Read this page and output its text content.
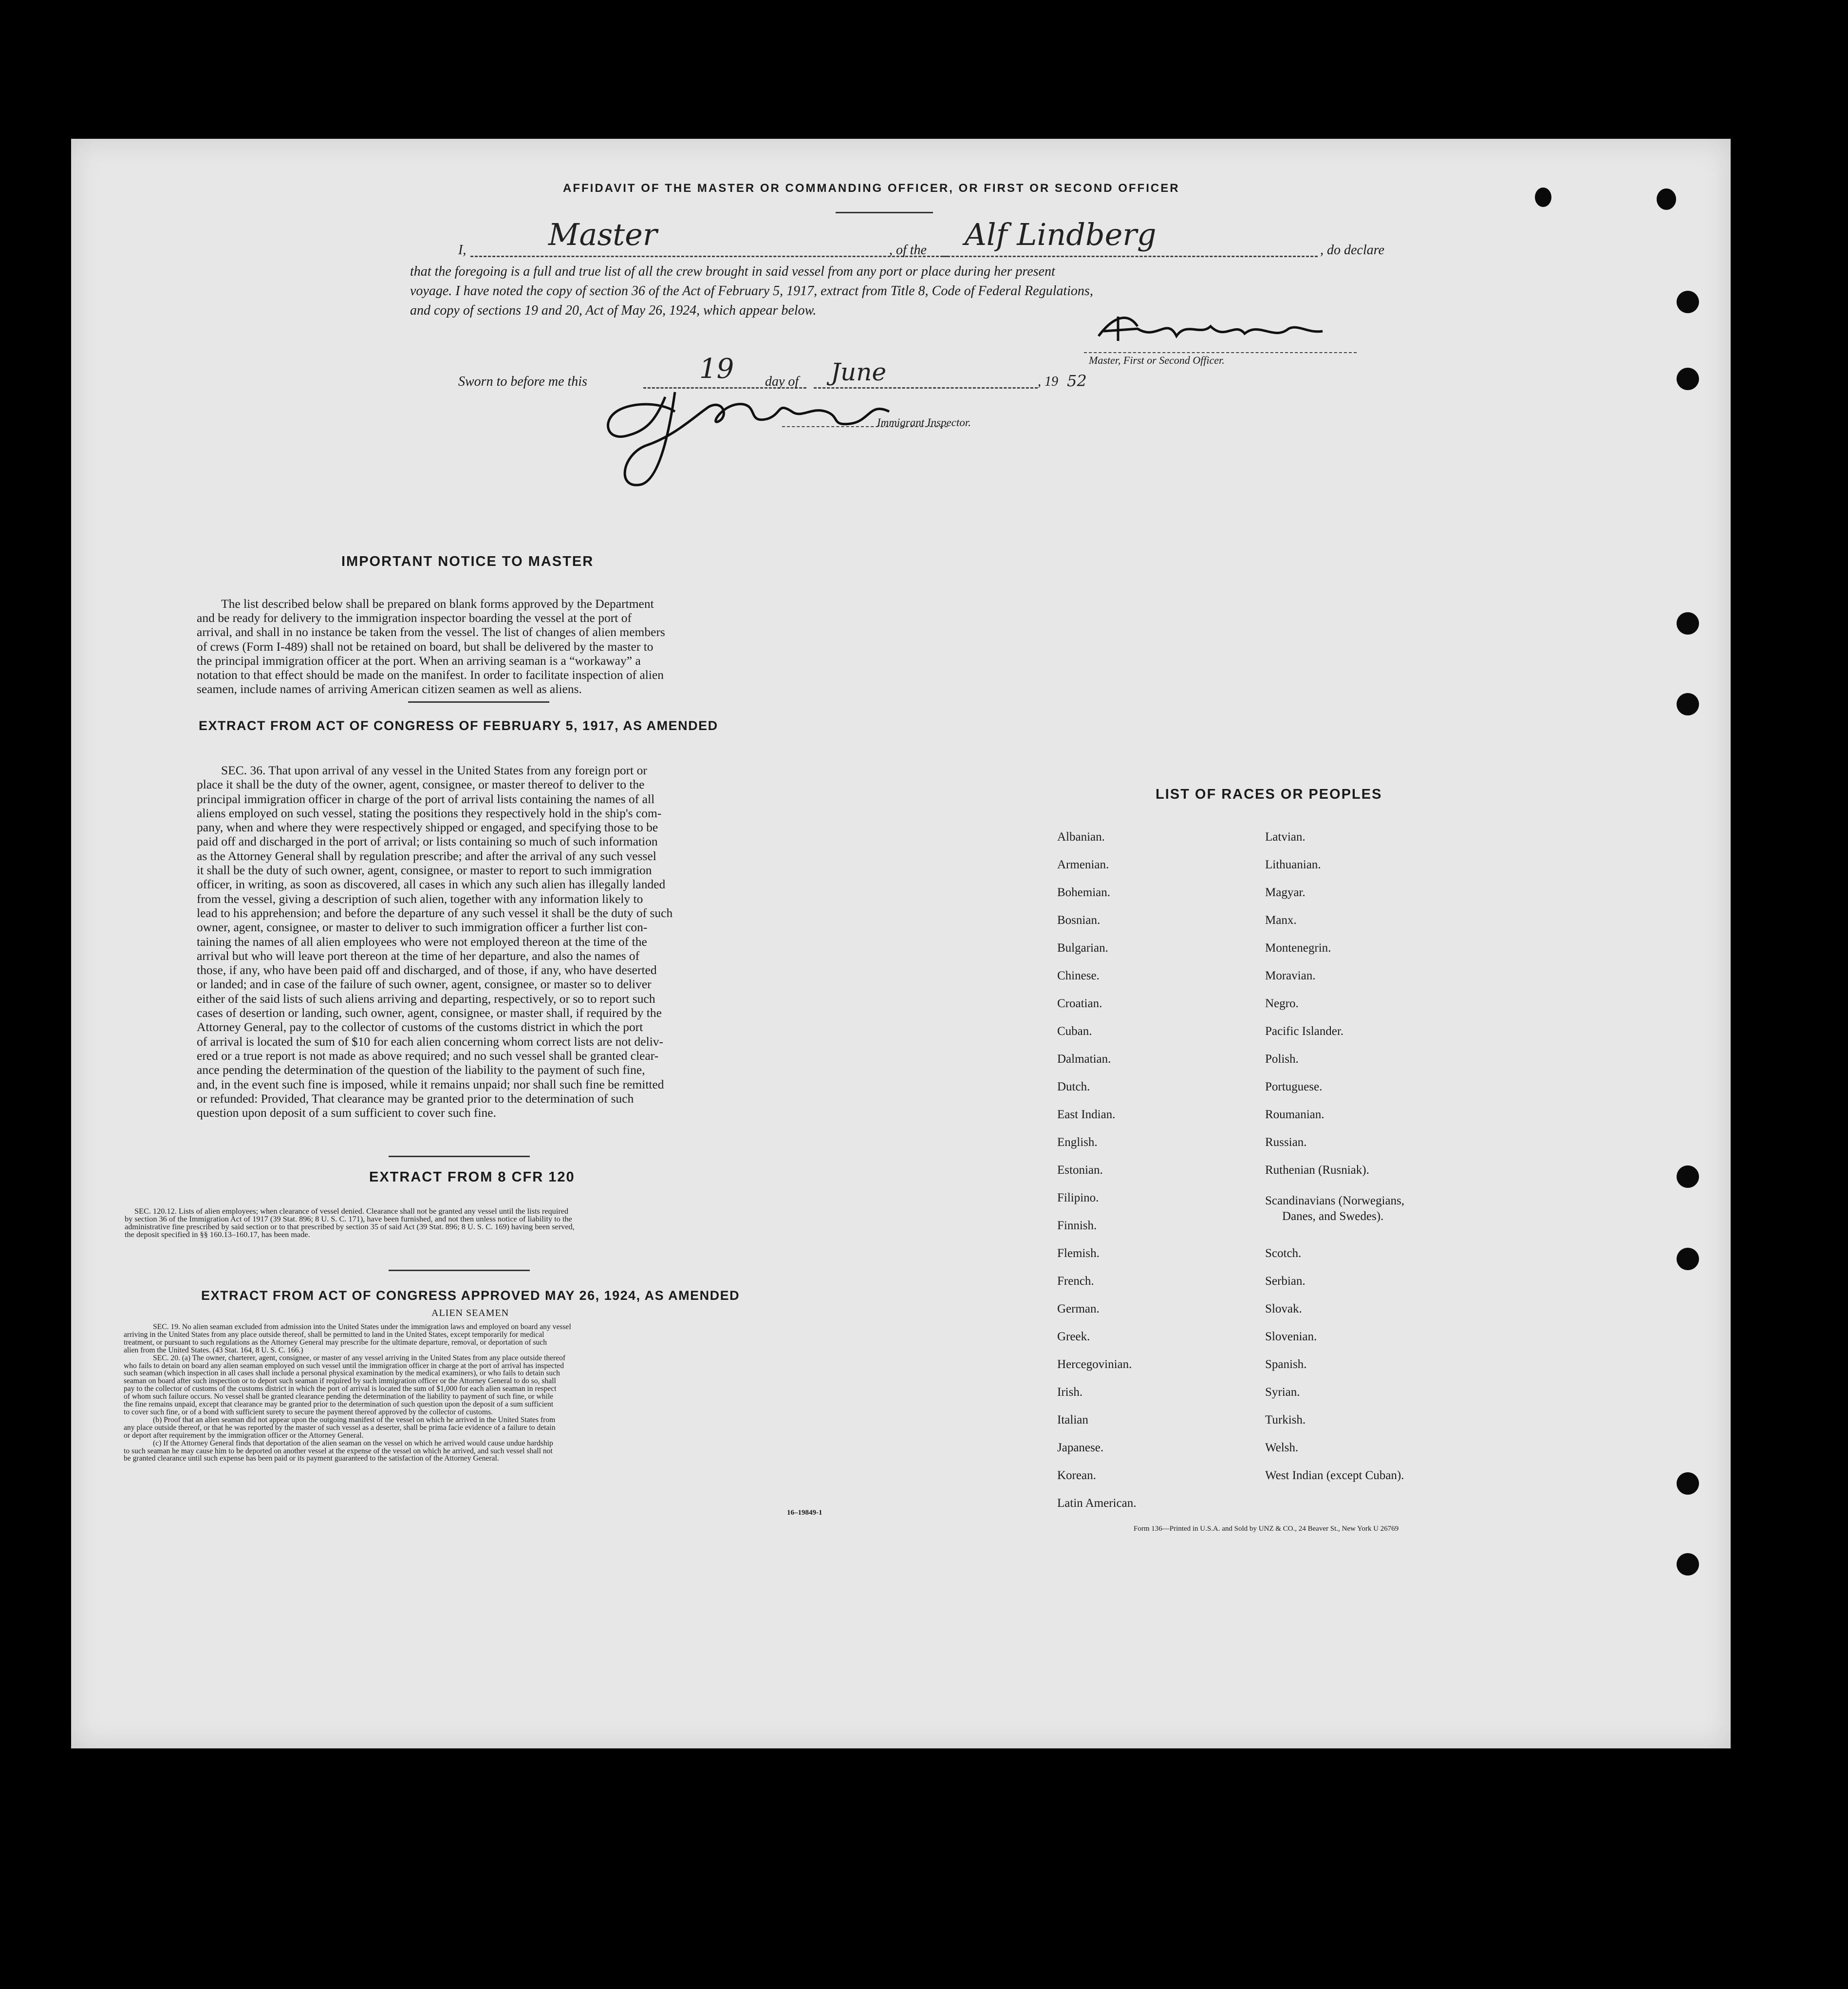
AFFIDAVIT OF THE MASTER OR COMMANDING OFFICER, OR FIRST OR SECOND OFFICER
I,	Master	, of the Alf Lindberg	, do declare
that the foregoing is a full and true list of all the crew brought in said vessel from any port or place during her present
voyage. I have noted the copy of section 36 of the Act of February 5, 1917, extract from Title 8, Code of Federal Regulations,
and copy of sections 19 and 20, Act of May 26, 1924, which appear below.
Master, First or Second Officer.
Sworn to before me this	19 day of June	, 19 52
Immigrant Inspector.
IMPORTANT NOTICE TO MASTER
The list described below shall be prepared on blank forms approved by the Department
and be ready for delivery to the immigration inspector boarding the vessel at the port of
arrival, and shall in no instance be taken from the vessel. The list of changes of alien members
of crews (Form I-489) shall not be retained on board, but shall be delivered by the master to
the principal immigration officer at the port. When an arriving seaman is a “workaway” a
notation to that effect should be made on the manifest. In order to facilitate inspection of alien
seamen, include names of arriving American citizen seamen as well as aliens.
EXTRACT FROM ACT OF CONGRESS OF FEBRUARY 5, 1917, AS AMENDED
SEC. 36. That upon arrival of any vessel in the United States from any foreign port or
place it shall be the duty of the owner, agent, consignee, or master thereof to deliver to the
principal immigration officer in charge of the port of arrival lists containing the names of all
aliens employed on such vessel, stating the positions they respectively hold in the ship's com-
pany, when and where they were respectively shipped or engaged, and specifying those to be
paid off and discharged in the port of arrival; or lists containing so much of such information
as the Attorney General shall by regulation prescribe; and after the arrival of any such vessel
it shall be the duty of such owner, agent, consignee, or master to report to such immigration
officer, in writing, as soon as discovered, all cases in which any such alien has illegally landed
from the vessel, giving a description of such alien, together with any information likely to
lead to his apprehension; and before the departure of any such vessel it shall be the duty of such
owner, agent, consignee, or master to deliver to such immigration officer a further list con-
taining the names of all alien employees who were not employed thereon at the time of the
arrival but who will leave port thereon at the time of her departure, and also the names of
those, if any, who have been paid off and discharged, and of those, if any, who have deserted
or landed; and in case of the failure of such owner, agent, consignee, or master so to deliver
either of the said lists of such aliens arriving and departing, respectively, or so to report such
cases of desertion or landing, such owner, agent, consignee, or master shall, if required by the
Attorney General, pay to the collector of customs of the customs district in which the port
of arrival is located the sum of $10 for each alien concerning whom correct lists are not deliv-
ered or a true report is not made as above required; and no such vessel shall be granted clear-
ance pending the determination of the question of the liability to the payment of such fine,
and, in the event such fine is imposed, while it remains unpaid; nor shall such fine be remitted
or refunded: Provided, That clearance may be granted prior to the determination of such
question upon deposit of a sum sufficient to cover such fine.
EXTRACT FROM 8 CFR 120
SEC. 120.12. Lists of alien employees; when clearance of vessel denied. Clearance shall not be granted any vessel until the lists required
by section 36 of the Immigration Act of 1917 (39 Stat. 896; 8 U. S. C. 171), have been furnished, and not then unless notice of liability to the
administrative fine prescribed by said section or to that prescribed by section 35 of said Act (39 Stat. 896; 8 U. S. C. 169) having been served,
the deposit specified in §§ 160.13–160.17, has been made.
EXTRACT FROM ACT OF CONGRESS APPROVED MAY 26, 1924, AS AMENDED
ALIEN SEAMEN
SEC. 19. No alien seaman excluded from admission into the United States under the immigration laws and employed on board any vessel
arriving in the United States from any place outside thereof, shall be permitted to land in the United States, except temporarily for medical
treatment, or pursuant to such regulations as the Attorney General may prescribe for the ultimate departure, removal, or deportation of such
alien from the United States. (43 Stat. 164, 8 U. S. C. 166.)
SEC. 20. (a) The owner, charterer, agent, consignee, or master of any vessel arriving in the United States from any place outside thereof
who fails to detain on board any alien seaman employed on such vessel until the immigration officer in charge at the port of arrival has inspected
such seaman (which inspection in all cases shall include a personal physical examination by the medical examiners), or who fails to detain such
seaman on board after such inspection or to deport such seaman if required by such immigration officer or the Attorney General to do so, shall
pay to the collector of customs of the customs district in which the port of arrival is located the sum of $1,000 for each alien seaman in respect
of whom such failure occurs. No vessel shall be granted clearance pending the determination of the liability to payment of such fine, or while
the fine remains unpaid, except that clearance may be granted prior to the determination of such question upon the deposit of a sum sufficient
to cover such fine, or of a bond with sufficient surety to secure the payment thereof approved by the collector of customs.
(b) Proof that an alien seaman did not appear upon the outgoing manifest of the vessel on which he arrived in the United States from
any place outside thereof, or that he was reported by the master of such vessel as a deserter, shall be prima facie evidence of a failure to detain
or deport after requirement by the immigration officer or the Attorney General.
(c) If the Attorney General finds that deportation of the alien seaman on the vessel on which he arrived would cause undue hardship
to such seaman he may cause him to be deported on another vessel at the expense of the vessel on which he arrived, and such vessel shall not
be granted clearance until such expense has been paid or its payment guaranteed to the satisfaction of the Attorney General.
16–19849-1
LIST OF RACES OR PEOPLES
Albanian.
Armenian.
Bohemian.
Bosnian.
Bulgarian.
Chinese.
Croatian.
Cuban.
Dalmatian.
Dutch.
East Indian.
English.
Estonian.
Filipino.
Finnish.
Flemish.
French.
German.
Greek.
Hercegovinian.
Irish.
Italian
Japanese.
Korean.
Latin American.
Latvian.
Lithuanian.
Magyar.
Manx.
Montenegrin.
Moravian.
Negro.
Pacific Islander.
Polish.
Portuguese.
Roumanian.
Russian.
Ruthenian (Rusniak).
Scandinavians (Norwegians,
Danes, and Swedes).
Scotch.
Serbian.
Slovak.
Slovenian.
Spanish.
Syrian.
Turkish.
Welsh.
West Indian (except Cuban).
Form 136—Printed in U.S.A. and Sold by UNZ & CO., 24 Beaver St., New York U 26769
